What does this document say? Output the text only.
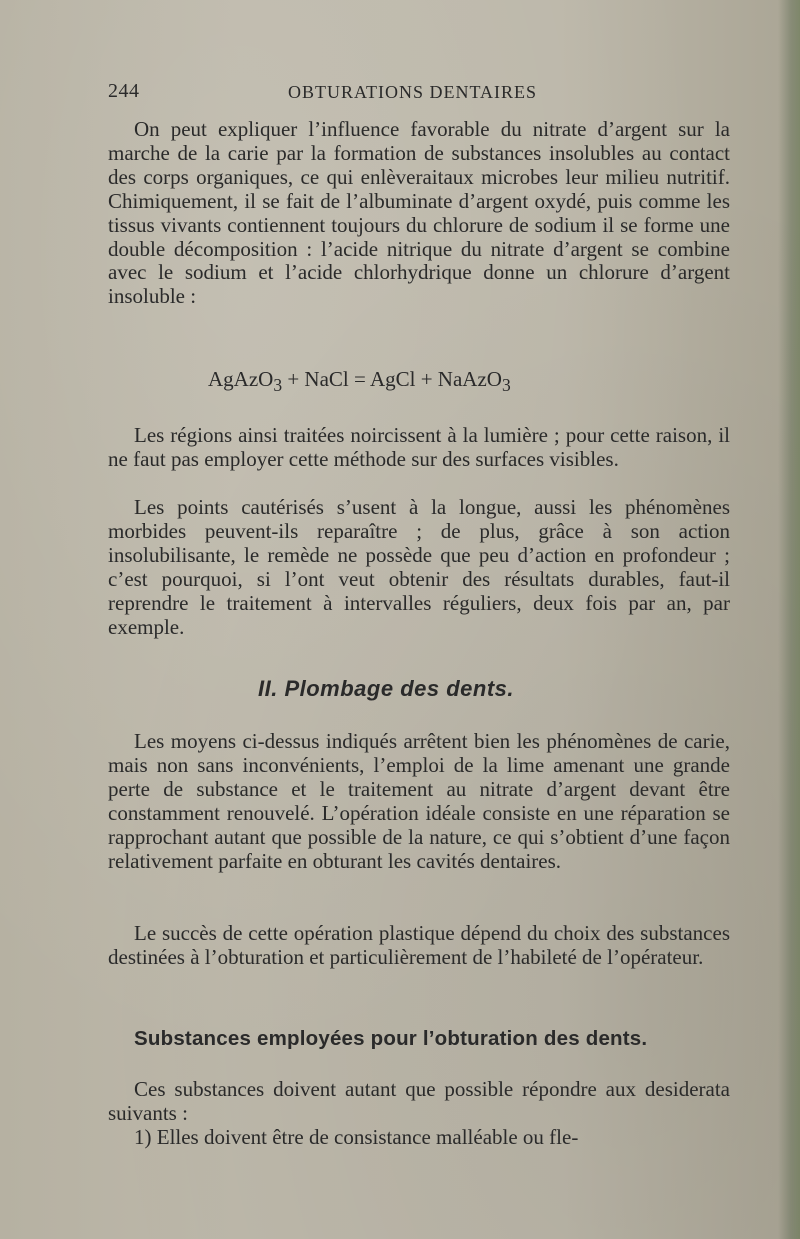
244	OBTURATIONS DENTAIRES

On peut expliquer l’influence favorable du nitrate d’argent sur la marche de la carie par la formation de substances insolubles au contact des corps organiques, ce qui enlèveraitaux microbes leur milieu nutritif. Chimiquement, il se fait de l’albuminate d’argent oxydé, puis comme les tissus vivants contiennent toujours du chlorure de sodium il se forme une double décomposition : l’acide nitrique du nitrate d’argent se combine avec le sodium et l’acide chlorhydrique donne un chlorure d’argent insoluble :

AgAzO$_3$ + NaCl = AgCl + NaAzO$_3$

Les régions ainsi traitées noircissent à la lumière ; pour cette raison, il ne faut pas employer cette méthode sur des surfaces visibles.

Les points cautérisés s’usent à la longue, aussi les phénomènes morbides peuvent-ils reparaître ; de plus, grâce à son action insolubilisante, le remède ne possède que peu d’action en profondeur ; c’est pourquoi, si l’ont veut obtenir des résultats durables, faut-il reprendre le traitement à intervalles réguliers, deux fois par an, par exemple.

II. Plombage des dents.

Les moyens ci-dessus indiqués arrêtent bien les phénomènes de carie, mais non sans inconvénients, l’emploi de la lime amenant une grande perte de substance et le traitement au nitrate d’argent devant être constamment renouvelé. L’opération idéale consiste en une réparation se rapprochant autant que possible de la nature, ce qui s’obtient d’une façon relativement parfaite en obturant les cavités dentaires.

Le succès de cette opération plastique dépend du choix des substances destinées à l’obturation et particulièrement de l’habileté de l’opérateur.

Substances employées pour l’obturation des dents.

Ces substances doivent autant que possible répondre aux desiderata suivants :

1) Elles doivent être de consistance malléable ou fle-
